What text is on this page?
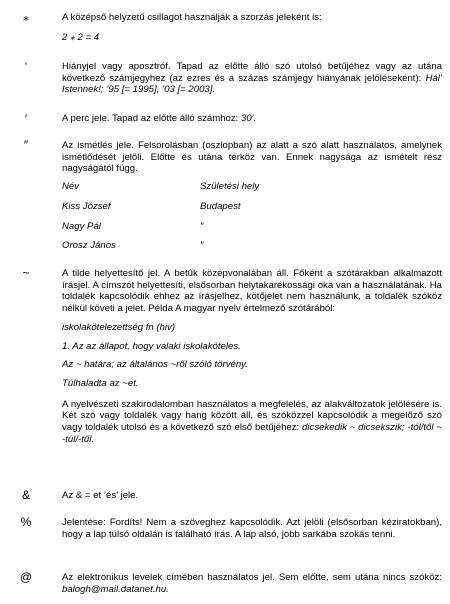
⁎	A középső helyzetű csillagot használják a szorzás jeleként is:

2 ⁎ 2 = 4
’	Hiányjel vagy aposztróf. Tapad az előtte álló szó utolsó betűjéhez vagy az utána következő számjegyhez (az ezres és a százas számjegy hiányának jelöléseként): Hál’ Istennek!; ’95 [= 1995], ’03 [= 2003].

′	A perc jele. Tapad az előtte álló számhoz: 30′.

″	Az ismétlés jele. Felsorolásban (oszlopban) az alatt a szó alatt használatos, amelynek ismétlődését jelöli. Előtte és utána térköz van. Ennek nagysága az ismételt rész nagyságától függ.

Név	Születési hely
Kiss József	Budapest
Nagy Pál	″
Orosz János	″
~	A tilde helyettesítő jel. A betűk középvonalában áll. Főként a szótárakban alkalmazott írásjel. A címszót helyettesíti, elsősorban helytakarékossági oka van a használatának. Ha toldalék kapcsolódik ehhez az írásjelhez, kötőjelet nem használunk, a toldalék szóköz nélkül követi a jelet. Példa A magyar nyelv értelmező szótárából:

iskolakötelezettség fn (hiv)
1. Az az állapot, hogy valaki iskolaköteles.
Az ~ határa; az általános ~ről szóló törvény.
Túlhaladta az ~et.

A nyelvészeti szakirodalomban használatos a megfelelés, az alakváltozatok jelölésére is. Két szó vagy toldalék vagy hang között áll, és szóközzel kapcsolódik a megelőző szó vagy toldalék utolsó és a következő szó első betűjéhez: dicsekedik ~ dicsekszik; -tól/től ~ -túl/-tűl.

&	Az & = et ’és’ jele.

%	Jelentése: Fordíts! Nem a szöveghez kapcsolódik. Azt jelöli (elsősorban kéziratokban), hogy a lap túlsó oldalán is található írás. A lap alsó, jobb sarkába szokás tenni.

@	Az elektronikus levelek címében használatos jel. Sem előtte, sem utána nincs szóköz: balogh@mail.datanet.hu.
